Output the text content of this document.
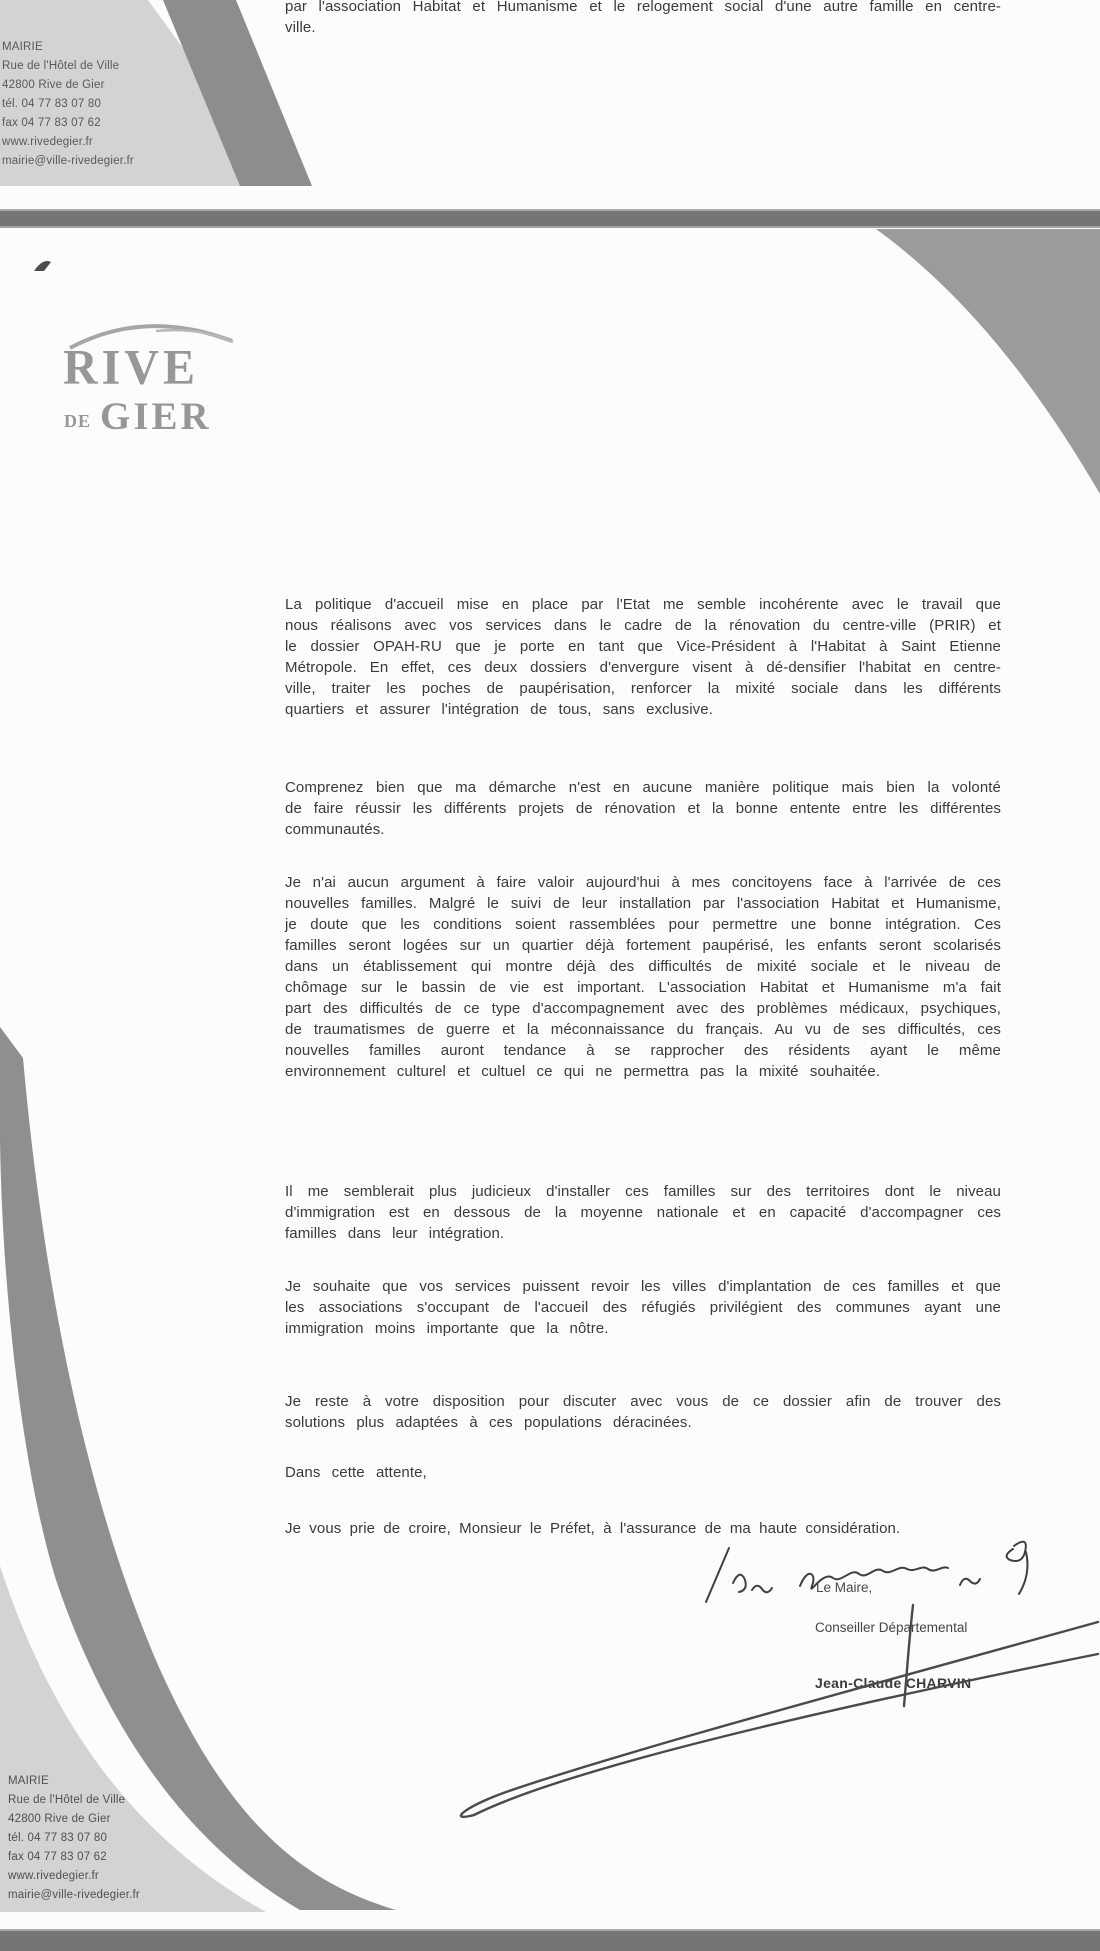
MAIRIE
Rue de l'Hôtel de Ville
42800 Rive de Gier
tél. 04 77 83 07 80
fax 04 77 83 07 62
www.rivedegier.fr
mairie@ville-rivedegier.fr

par l'association Habitat et Humanisme et le relogement social d'une autre famille en centre-ville.

RIVE
DE GIER

La politique d'accueil mise en place par l'Etat me semble incohérente avec le travail que nous réalisons avec vos services dans le cadre de la rénovation du centre-ville (PRIR) et le dossier OPAH-RU que je porte en tant que Vice-Président à l'Habitat à Saint Etienne Métropole. En effet, ces deux dossiers d'envergure visent à dé-densifier l'habitat en centre-ville, traiter les poches de paupérisation, renforcer la mixité sociale dans les différents quartiers et assurer l'intégration de tous, sans exclusive.

Comprenez bien que ma démarche n'est en aucune manière politique mais bien la volonté de faire réussir les différents projets de rénovation et la bonne entente entre les différentes communautés.

Je n'ai aucun argument à faire valoir aujourd'hui à mes concitoyens face à l'arrivée de ces nouvelles familles. Malgré le suivi de leur installation par l'association Habitat et Humanisme, je doute que les conditions soient rassemblées pour permettre une bonne intégration. Ces familles seront logées sur un quartier déjà fortement paupérisé, les enfants seront scolarisés dans un établissement qui montre déjà des difficultés de mixité sociale et le niveau de chômage sur le bassin de vie est important. L'association Habitat et Humanisme m'a fait part des difficultés de ce type d'accompagnement avec des problèmes médicaux, psychiques, de traumatismes de guerre et la méconnaissance du français. Au vu de ses difficultés, ces nouvelles familles auront tendance à se rapprocher des résidents ayant le même environnement culturel et cultuel ce qui ne permettra pas la mixité souhaitée.

Il me semblerait plus judicieux d'installer ces familles sur des territoires dont le niveau d'immigration est en dessous de la moyenne nationale et en capacité d'accompagner ces familles dans leur intégration.

Je souhaite que vos services puissent revoir les villes d'implantation de ces familles et que les associations s'occupant de l'accueil des réfugiés privilégient des communes ayant une immigration moins importante que la nôtre.

Je reste à votre disposition pour discuter avec vous de ce dossier afin de trouver des solutions plus adaptées à ces populations déracinées.

Dans cette attente,

Je vous prie de croire, Monsieur le Préfet, à l'assurance de ma haute considération.

Le Maire,
Conseiller Départemental
Jean-Claude CHARVIN
MAIRIE
Rue de l'Hôtel de Ville
42800 Rive de Gier
tél. 04 77 83 07 80
fax 04 77 83 07 62
www.rivedegier.fr
mairie@ville-rivedegier.fr
